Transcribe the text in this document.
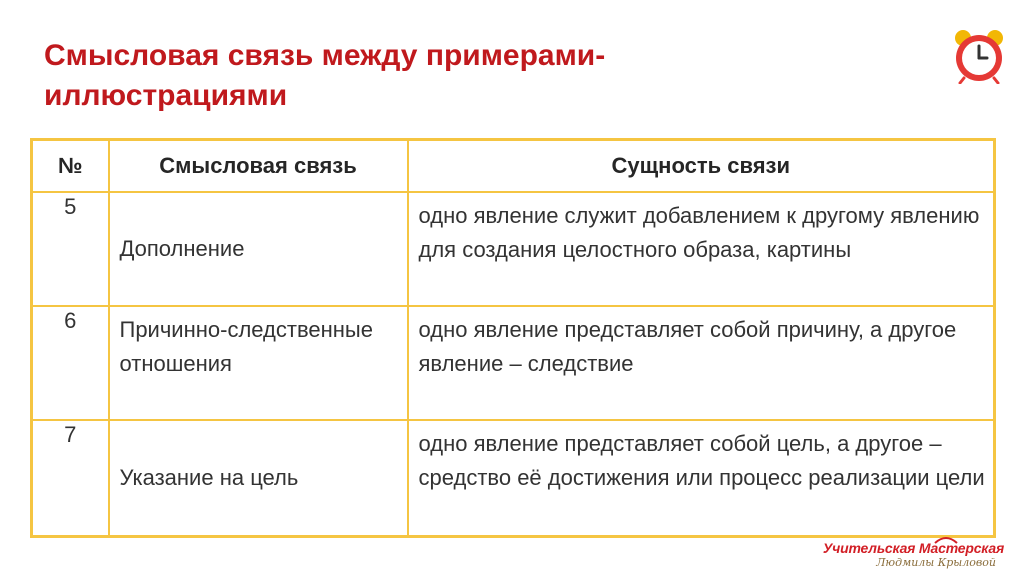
Смысловая связь между примерами-иллюстрациями
№	Смысловая связь	Сущность связи
5	Дополнение	одно явление служит добавлением к другому явлению для создания целостного образа, картины
6	Причинно-следственные отношения	одно явление представляет собой причину, а другое явление – следствие
7	Указание на цель	одно явление представляет собой цель, а другое – средство её достижения или процесс реализации цели
Учительская Мастерская
Людмилы Крыловой
